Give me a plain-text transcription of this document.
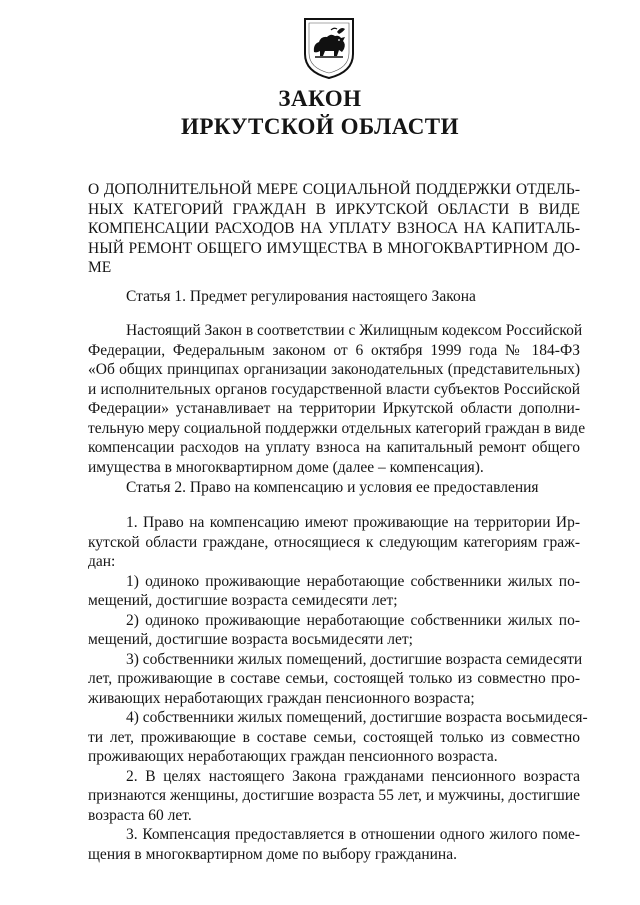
ЗАКОН
ИРКУТСКОЙ ОБЛАСТИ
О ДОПОЛНИТЕЛЬНОЙ МЕРЕ СОЦИАЛЬНОЙ ПОДДЕРЖКИ ОТДЕЛЬ-
НЫХ КАТЕГОРИЙ ГРАЖДАН В ИРКУТСКОЙ ОБЛАСТИ В ВИДЕ
КОМПЕНСАЦИИ РАСХОДОВ НА УПЛАТУ ВЗНОСА НА КАПИТАЛЬ-
НЫЙ РЕМОНТ ОБЩЕГО ИМУЩЕСТВА В МНОГОКВАРТИРНОМ ДО-
МЕ
Статья 1. Предмет регулирования настоящего Закона
Настоящий Закон в соответствии с Жилищным кодексом Российской
Федерации, Федеральным законом от 6 октября 1999 года № 184-ФЗ
«Об общих принципах организации законодательных (представительных)
и исполнительных органов государственной власти субъектов Российской
Федерации» устанавливает на территории Иркутской области дополни-
тельную меру социальной поддержки отдельных категорий граждан в виде
компенсации расходов на уплату взноса на капитальный ремонт общего
имущества в многоквартирном доме (далее – компенсация).
Статья 2. Право на компенсацию и условия ее предоставления
1. Право на компенсацию имеют проживающие на территории Ир-
кутской области граждане, относящиеся к следующим категориям граж-
дан:
1) одиноко проживающие неработающие собственники жилых по-
мещений, достигшие возраста семидесяти лет;
2) одиноко проживающие неработающие собственники жилых по-
мещений, достигшие возраста восьмидесяти лет;
3) собственники жилых помещений, достигшие возраста семидесяти
лет, проживающие в составе семьи, состоящей только из совместно про-
живающих неработающих граждан пенсионного возраста;
4) собственники жилых помещений, достигшие возраста восьмидеся-
ти лет, проживающие в составе семьи, состоящей только из совместно
проживающих неработающих граждан пенсионного возраста.
2. В целях настоящего Закона гражданами пенсионного возраста
признаются женщины, достигшие возраста 55 лет, и мужчины, достигшие
возраста 60 лет.
3. Компенсация предоставляется в отношении одного жилого поме-
щения в многоквартирном доме по выбору гражданина.
